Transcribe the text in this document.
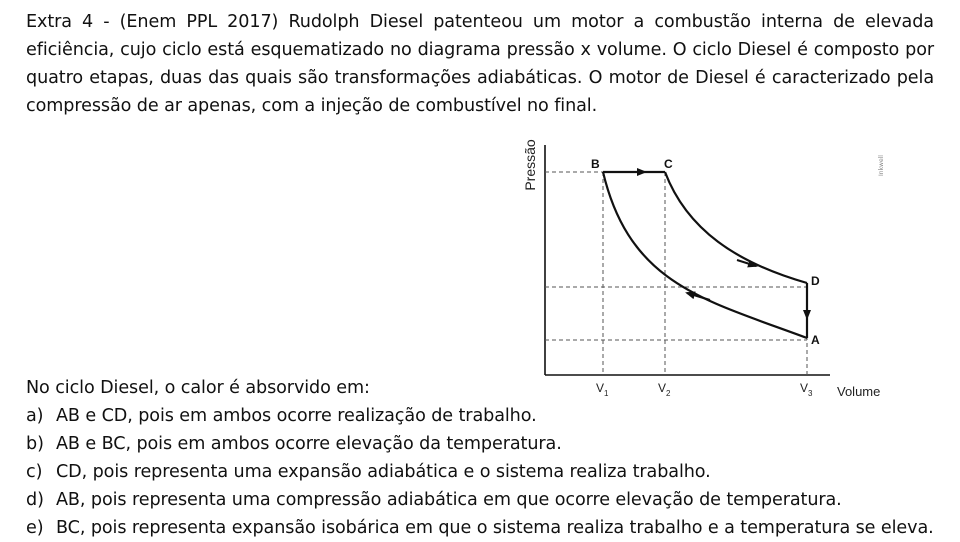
Extra 4 - (Enem PPL 2017) Rudolph Diesel patenteou um motor a combustão interna de elevada eficiência, cujo ciclo está esquematizado no diagrama pressão x volume. O ciclo Diesel é composto por quatro etapas, duas das quais são transformações adiabáticas. O motor de Diesel é caracterizado pela compressão de ar apenas, com a injeção de combustível no final.
Pressão
Volume
B	C
D
A
$V_1$	$V_2$	$V_3$
Inkwell
No ciclo Diesel, o calor é absorvido em:
a) AB e CD, pois em ambos ocorre realização de trabalho.
b) AB e BC, pois em ambos ocorre elevação da temperatura.
c) CD, pois representa uma expansão adiabática e o sistema realiza trabalho.
d) AB, pois representa uma compressão adiabática em que ocorre elevação de temperatura.
e) BC, pois representa expansão isobárica em que o sistema realiza trabalho e a temperatura se eleva.
